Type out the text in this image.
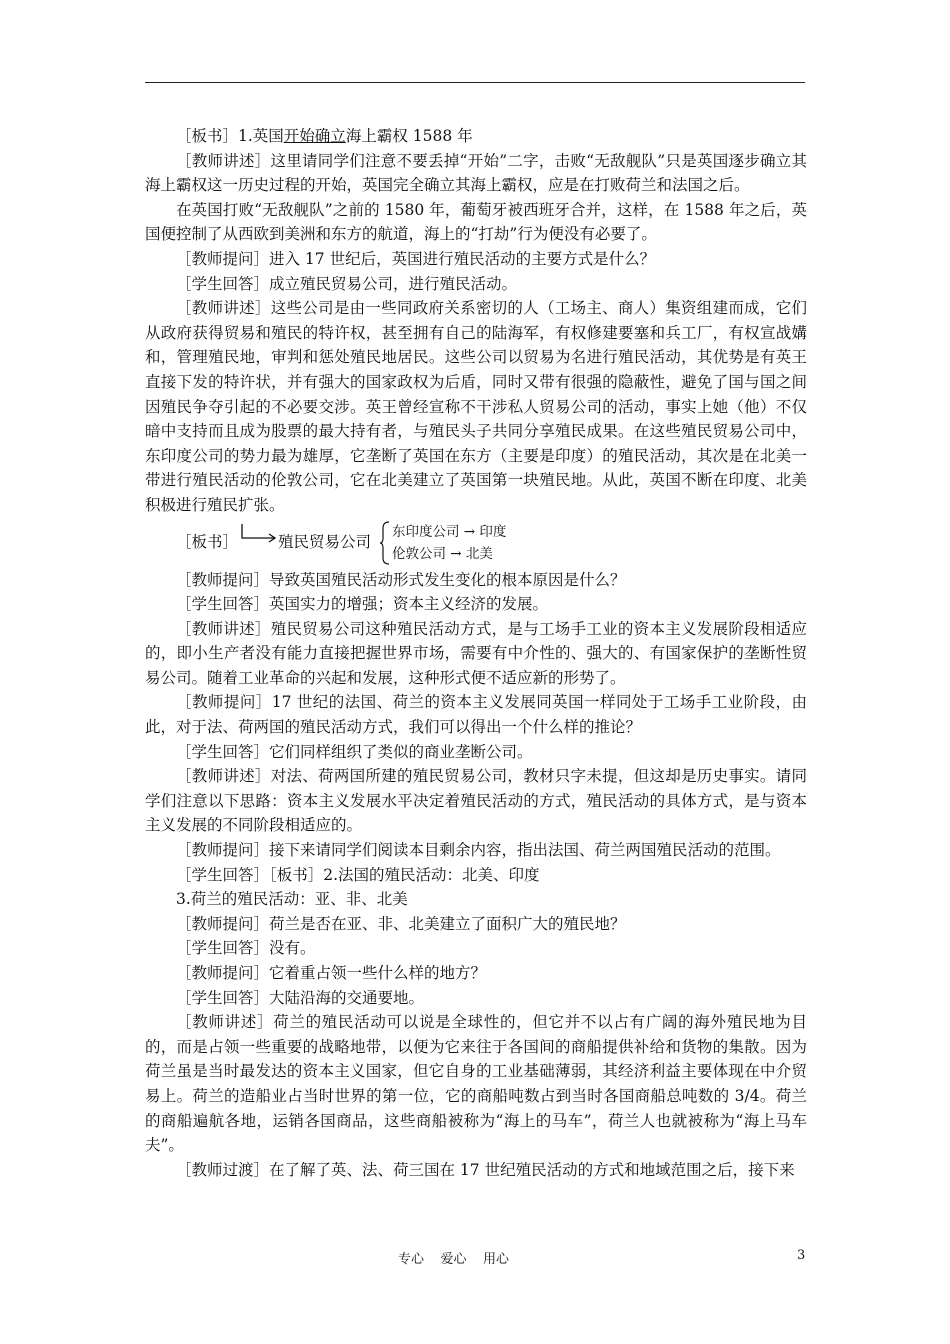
［板书］1.英国开始确立海上霸权 1588 年

［教师讲述］这里请同学们注意不要丢掉“开始”二字，击败“无敌舰队”只是英国逐步确立其海上霸权这一历史过程的开始，英国完全确立其海上霸权，应是在打败荷兰和法国之后。

在英国打败“无敌舰队”之前的 1580 年，葡萄牙被西班牙合并，这样，在 1588 年之后，英国便控制了从西欧到美洲和东方的航道，海上的“打劫”行为便没有必要了。

［教师提问］进入 17 世纪后，英国进行殖民活动的主要方式是什么？

［学生回答］成立殖民贸易公司，进行殖民活动。

［教师讲述］这些公司是由一些同政府关系密切的人（工场主、商人）集资组建而成，它们从政府获得贸易和殖民的特许权，甚至拥有自己的陆海军，有权修建要塞和兵工厂，有权宣战媾和，管理殖民地，审判和惩处殖民地居民。这些公司以贸易为名进行殖民活动，其优势是有英王直接下发的特许状，并有强大的国家政权为后盾，同时又带有很强的隐蔽性，避免了国与国之间因殖民争夺引起的不必要交涉。英王曾经宣称不干涉私人贸易公司的活动，事实上她（他）不仅暗中支持而且成为股票的最大持有者，与殖民头子共同分享殖民成果。在这些殖民贸易公司中，东印度公司的势力最为雄厚，它垄断了英国在东方（主要是印度）的殖民活动，其次是在北美一带进行殖民活动的伦敦公司，它在北美建立了英国第一块殖民地。从此，英国不断在印度、北美积极进行殖民扩张。

［板书］	殖民贸易公司
东印度公司 → 印度
伦敦公司 → 北美

［教师提问］导致英国殖民活动形式发生变化的根本原因是什么？

［学生回答］英国实力的增强；资本主义经济的发展。

［教师讲述］殖民贸易公司这种殖民活动方式，是与工场手工业的资本主义发展阶段相适应的，即小生产者没有能力直接把握世界市场，需要有中介性的、强大的、有国家保护的垄断性贸易公司。随着工业革命的兴起和发展，这种形式便不适应新的形势了。

［教师提问］17 世纪的法国、荷兰的资本主义发展同英国一样同处于工场手工业阶段，由此，对于法、荷两国的殖民活动方式，我们可以得出一个什么样的推论？

［学生回答］它们同样组织了类似的商业垄断公司。

［教师讲述］对法、荷两国所建的殖民贸易公司，教材只字未提，但这却是历史事实。请同学们注意以下思路：资本主义发展水平决定着殖民活动的方式，殖民活动的具体方式，是与资本主义发展的不同阶段相适应的。

［教师提问］接下来请同学们阅读本目剩余内容，指出法国、荷兰两国殖民活动的范围。

［学生回答］［板书］2.法国的殖民活动：北美、印度

3.荷兰的殖民活动：亚、非、北美

［教师提问］荷兰是否在亚、非、北美建立了面积广大的殖民地？

［学生回答］没有。

［教师提问］它着重占领一些什么样的地方？

［学生回答］大陆沿海的交通要地。

［教师讲述］荷兰的殖民活动可以说是全球性的，但它并不以占有广阔的海外殖民地为目的，而是占领一些重要的战略地带，以便为它来往于各国间的商船提供补给和货物的集散。因为荷兰虽是当时最发达的资本主义国家，但它自身的工业基础薄弱，其经济利益主要体现在中介贸易上。荷兰的造船业占当时世界的第一位，它的商船吨数占到当时各国商船总吨数的 3/4。荷兰的商船遍航各地，运销各国商品，这些商船被称为“海上的马车”，荷兰人也就被称为“海上马车夫”。

［教师过渡］在了解了英、法、荷三国在 17 世纪殖民活动的方式和地域范围之后，接下来

专心    爱心    用心	3
